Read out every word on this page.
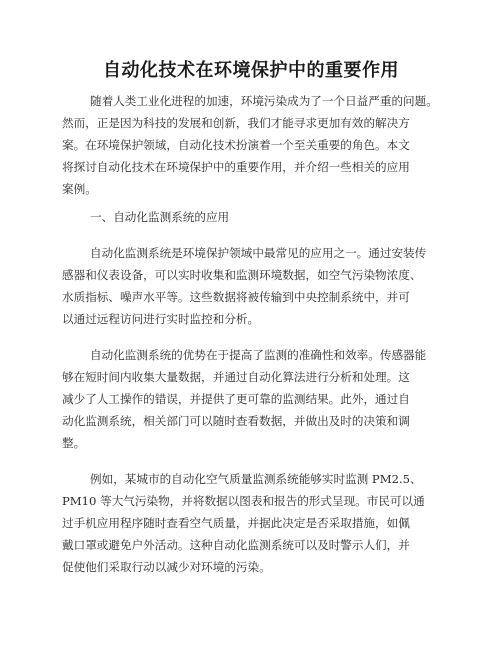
自动化技术在环境保护中的重要作用
随着人类工业化进程的加速，环境污染成为了一个日益严重的问题。
然而，正是因为科技的发展和创新，我们才能寻求更加有效的解决方
案。在环境保护领域，自动化技术扮演着一个至关重要的角色。本文
将探讨自动化技术在环境保护中的重要作用，并介绍一些相关的应用
案例。
一、自动化监测系统的应用
自动化监测系统是环境保护领域中最常见的应用之一。通过安装传
感器和仪表设备，可以实时收集和监测环境数据，如空气污染物浓度、
水质指标、噪声水平等。这些数据将被传输到中央控制系统中，并可
以通过远程访问进行实时监控和分析。
自动化监测系统的优势在于提高了监测的准确性和效率。传感器能
够在短时间内收集大量数据，并通过自动化算法进行分析和处理。这
减少了人工操作的错误，并提供了更可靠的监测结果。此外，通过自
动化监测系统，相关部门可以随时查看数据，并做出及时的决策和调
整。
例如，某城市的自动化空气质量监测系统能够实时监测 PM2.5、
PM10 等大气污染物，并将数据以图表和报告的形式呈现。市民可以通
过手机应用程序随时查看空气质量，并据此决定是否采取措施，如佩
戴口罩或避免户外活动。这种自动化监测系统可以及时警示人们，并
促使他们采取行动以减少对环境的污染。
